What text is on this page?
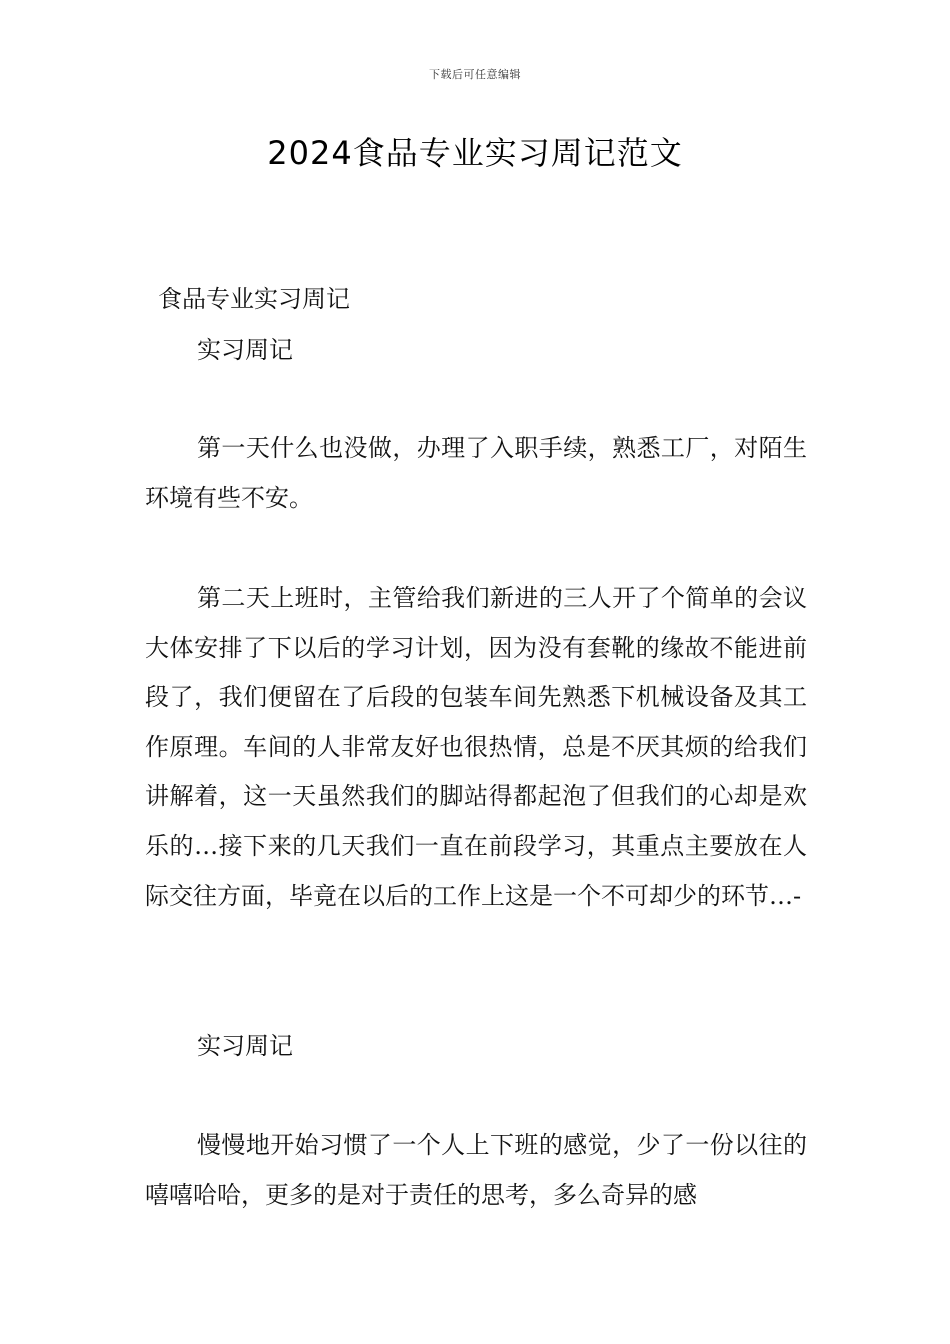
下载后可任意编辑
2024食品专业实习周记范文
食品专业实习周记
实习周记
第一天什么也没做，办理了入职手续，熟悉工厂，对陌生环境有些不安。
第二天上班时，主管给我们新进的三人开了个简单的会议大体安排了下以后的学习计划，因为没有套靴的缘故不能进前段了，我们便留在了后段的包装车间先熟悉下机械设备及其工作原理。车间的人非常友好也很热情，总是不厌其烦的给我们讲解着，这一天虽然我们的脚站得都起泡了但我们的心却是欢乐的…接下来的几天我们一直在前段学习，其重点主要放在人际交往方面，毕竟在以后的工作上这是一个不可却少的环节…-
实习周记
慢慢地开始习惯了一个人上下班的感觉，少了一份以往的嘻嘻哈哈，更多的是对于责任的思考，多么奇异的感
